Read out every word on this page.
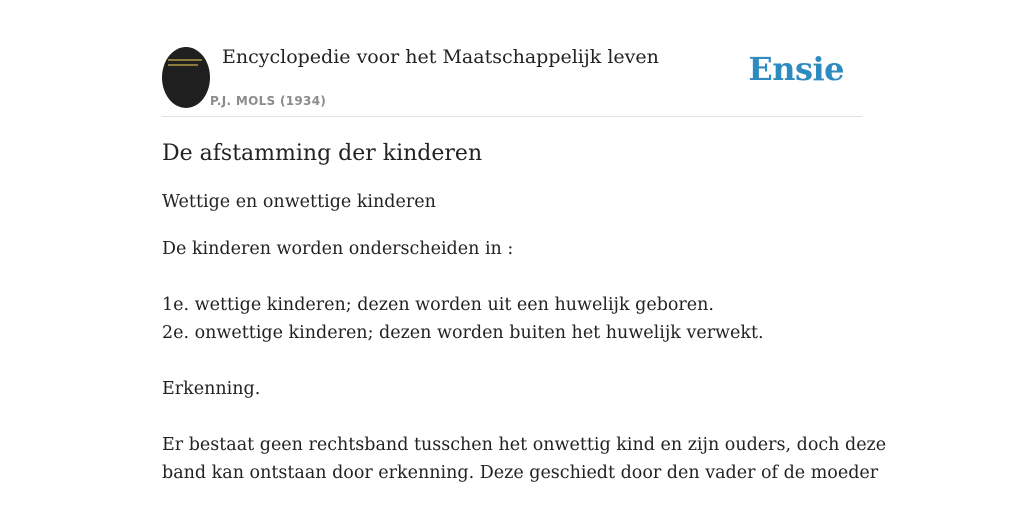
Encyclopedie voor het Maatschappelijk leven
P.J. MOLS (1934)
Ensie
De afstamming der kinderen

Wettige en onwettige kinderen

De kinderen worden onderscheiden in :
1e. wettige kinderen; dezen worden uit een huwelijk geboren.
2e. onwettige kinderen; dezen worden buiten het huwelijk verwekt.
Erkenning.
Er bestaat geen rechtsband tusschen het onwettig kind en zijn ouders, doch deze
band kan ontstaan door erkenning. Deze geschiedt door den vader of de moeder
